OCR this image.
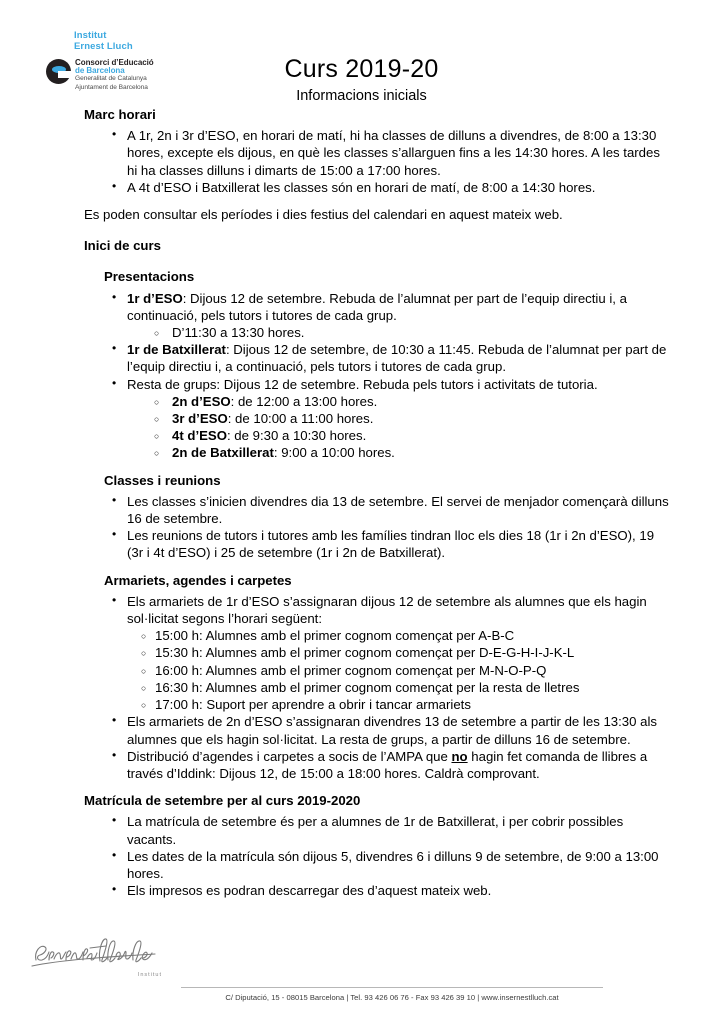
Institut
Ernest Lluch
Consorci d’Educació
de Barcelona
Generalitat de Catalunya
Ajuntament de Barcelona
Curs 2019-20
Informacions inicials
Marc horari
• A 1r, 2n i 3r d’ESO, en horari de matí, hi ha classes de dilluns a divendres, de 8:00 a 13:30 hores, excepte els dijous, en què les classes s’allarguen fins a les 14:30 hores. A les tardes hi ha classes dilluns i dimarts de 15:00 a 17:00 hores.
• A 4t d’ESO i Batxillerat les classes són en horari de matí, de 8:00 a 14:30 hores.
Es poden consultar els períodes i dies festius del calendari en aquest mateix web.
Inici de curs
Presentacions
• 1r d’ESO: Dijous 12 de setembre. Rebuda de l’alumnat per part de l’equip directiu i, a continuació, pels tutors i tutores de cada grup.
○ D’11:30 a 13:30 hores.
• 1r de Batxillerat: Dijous 12 de setembre, de 10:30 a 11:45. Rebuda de l’alumnat per part de l’equip directiu i, a continuació, pels tutors i tutores de cada grup.
• Resta de grups: Dijous 12 de setembre. Rebuda pels tutors i activitats de tutoria.
○ 2n d’ESO: de 12:00 a 13:00 hores.
○ 3r d’ESO: de 10:00 a 11:00 hores.
○ 4t d’ESO: de 9:30 a 10:30 hores.
○ 2n de Batxillerat: 9:00 a 10:00 hores.
Classes i reunions
• Les classes s’inicien divendres dia 13 de setembre. El servei de menjador començarà dilluns 16 de setembre.
• Les reunions de tutors i tutores amb les famílies tindran lloc els dies 18 (1r i 2n d’ESO), 19 (3r i 4t d’ESO) i 25 de setembre (1r i 2n de Batxillerat).
Armariets, agendes i carpetes
• Els armariets de 1r d’ESO s’assignaran dijous 12 de setembre als alumnes que els hagin sol·licitat segons l’horari següent:
○ 15:00 h: Alumnes amb el primer cognom començat per A-B-C
○ 15:30 h: Alumnes amb el primer cognom començat per D-E-G-H-I-J-K-L
○ 16:00 h: Alumnes amb el primer cognom començat per M-N-O-P-Q
○ 16:30 h: Alumnes amb el primer cognom començat per la resta de lletres
○ 17:00 h: Suport per aprendre a obrir i tancar armariets
• Els armariets de 2n d’ESO s’assignaran divendres 13 de setembre a partir de les 13:30 als alumnes que els hagin sol·licitat. La resta de grups, a partir de dilluns 16 de setembre.
• Distribució d’agendes i carpetes a socis de l’AMPA que no hagin fet comanda de llibres a través d’Iddink: Dijous 12, de 15:00 a 18:00 hores. Caldrà comprovant.
Matrícula de setembre per al curs 2019-2020
• La matrícula de setembre és per a alumnes de 1r de Batxillerat, i per cobrir possibles vacants.
• Les dates de la matrícula són dijous 5, divendres 6 i dilluns 9 de setembre, de 9:00 a 13:00 hores.
• Els impresos es podran descarregar des d’aquest mateix web.
Institut
C/ Diputació, 15 - 08015 Barcelona | Tel. 93 426 06 76 - Fax 93 426 39 10 | www.insernestlluch.cat
